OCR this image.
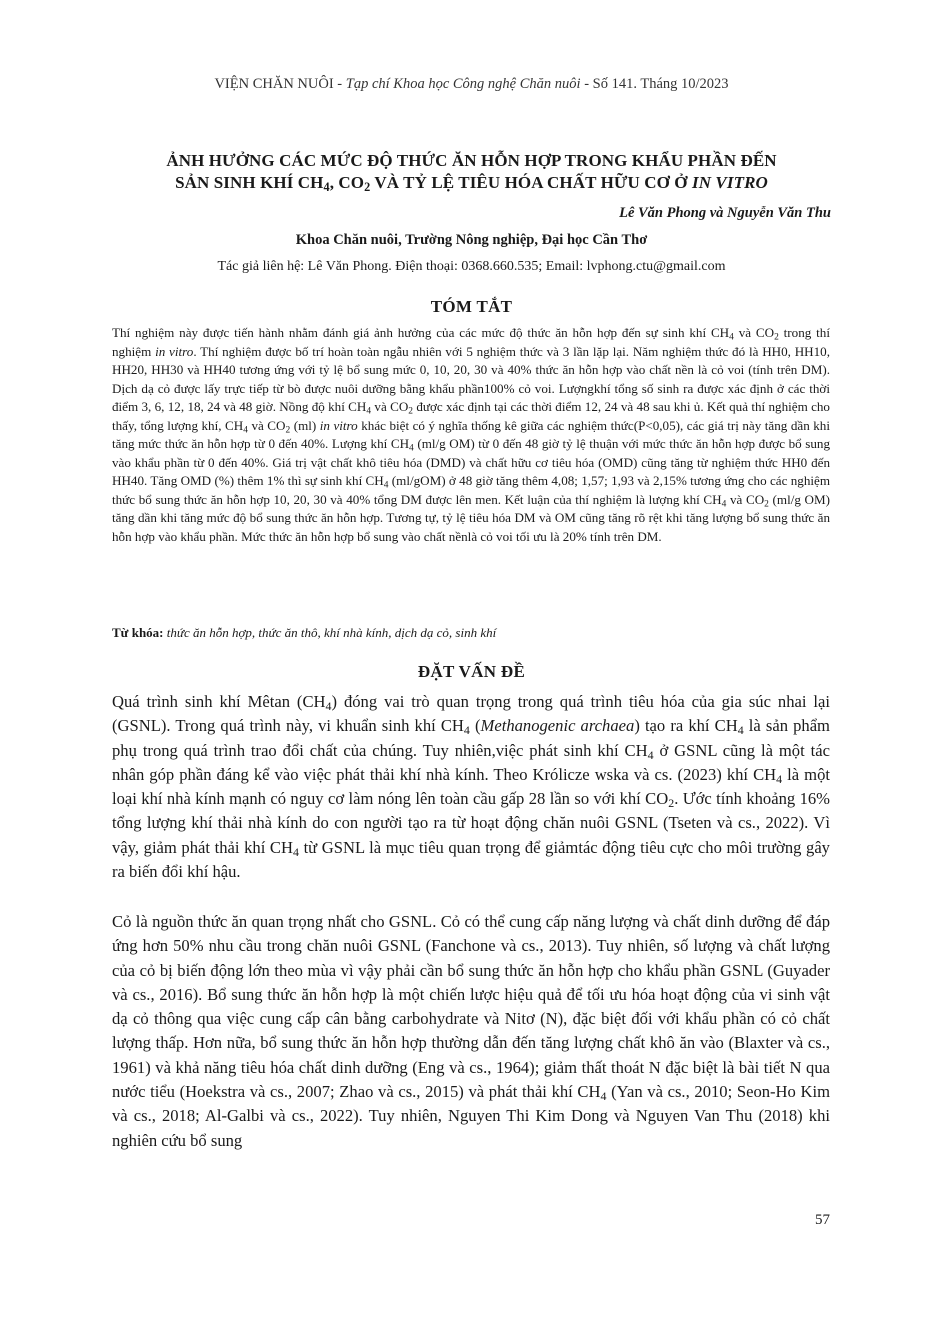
VIỆN CHĂN NUÔI - Tạp chí Khoa học Công nghệ Chăn nuôi - Số 141. Tháng 10/2023
ẢNH HƯỞNG CÁC MỨC ĐỘ THỨC ĂN HỖN HỢP TRONG KHẨU PHẦN ĐẾN
SẢN SINH KHÍ $CH_4$, $CO_2$ VÀ TỶ LỆ TIÊU HÓA CHẤT HỮU CƠ Ở IN VITRO
Lê Văn Phong và Nguyễn Văn Thu
Khoa Chăn nuôi, Trường Nông nghiệp, Đại học Cần Thơ
Tác giả liên hệ: Lê Văn Phong. Điện thoại: 0368.660.535; Email: lvphong.ctu@gmail.com
TÓM TẮT

Thí nghiệm này được tiến hành nhằm đánh giá ảnh hưởng của các mức độ thức ăn hỗn hợp đến sự sinh khí $CH_4$ và $CO_2$ trong thí nghiệm in vitro. Thí nghiệm được bố trí hoàn toàn ngẫu nhiên với 5 nghiệm thức và 3 lần lặp lại. Năm nghiệm thức đó là HH0, HH10, HH20, HH30 và HH40 tương ứng với tỷ lệ bổ sung mức 0, 10, 20, 30 và 40% thức ăn hỗn hợp vào chất nền là cỏ voi (tính trên DM). Dịch dạ cỏ được lấy trực tiếp từ bò được nuôi dưỡng bằng khẩu phần100% cỏ voi. Lượngkhí tổng số sinh ra được xác định ở các thời điểm 3, 6, 12, 18, 24 và 48 giờ. Nồng độ khí $CH_4$ và $CO_2$ được xác định tại các thời điểm 12, 24 và 48 sau khi ủ. Kết quả thí nghiệm cho thấy, tổng lượng khí, $CH_4$ và $CO_2$ (ml) in vitro khác biệt có ý nghĩa thống kê giữa các nghiệm thức(P<0,05), các giá trị này tăng dần khi tăng mức thức ăn hỗn hợp từ 0 đến 40%. Lượng khí $CH_4$ (ml/g OM) từ 0 đến 48 giờ tỷ lệ thuận với mức thức ăn hỗn hợp được bổ sung vào khẩu phần từ 0 đến 40%. Giá trị vật chất khô tiêu hóa (DMD) và chất hữu cơ tiêu hóa (OMD) cũng tăng từ nghiệm thức HH0 đến HH40. Tăng OMD (%) thêm 1% thì sự sinh khí $CH_4$ (ml/gOM) ở 48 giờ tăng thêm 4,08; 1,57; 1,93 và 2,15% tương ứng cho các nghiệm thức bổ sung thức ăn hỗn hợp 10, 20, 30 và 40% tổng DM được lên men. Kết luận của thí nghiệm là lượng khí $CH_4$ và $CO_2$ (ml/g OM) tăng dần khi tăng mức độ bổ sung thức ăn hỗn hợp. Tương tự, tỷ lệ tiêu hóa DM và OM cũng tăng rõ rệt khi tăng lượng bổ sung thức ăn hỗn hợp vào khẩu phần. Mức thức ăn hỗn hợp bổ sung vào chất nềnlà cỏ voi tối ưu là 20% tính trên DM.

Từ khóa: thức ăn hỗn hợp, thức ăn thô, khí nhà kính, dịch dạ cỏ, sinh khí
ĐẶT VẤN ĐỀ

Quá trình sinh khí Mêtan $(CH_4)$ đóng vai trò quan trọng trong quá trình tiêu hóa của gia súc nhai lại (GSNL). Trong quá trình này, vi khuẩn sinh khí $CH_4$ (Methanogenic archaea) tạo ra khí $CH_4$ là sản phẩm phụ trong quá trình trao đổi chất của chúng. Tuy nhiên,việc phát sinh khí $CH_4$ ở GSNL cũng là một tác nhân góp phần đáng kể vào việc phát thải khí nhà kính. Theo Królicze wska và cs. (2023) khí $CH_4$ là một loại khí nhà kính mạnh có nguy cơ làm nóng lên toàn cầu gấp 28 lần so với khí $CO_2$. Ước tính khoảng 16% tổng lượng khí thải nhà kính do con người tạo ra từ hoạt động chăn nuôi GSNL (Tseten và cs., 2022). Vì vậy, giảm phát thải khí $CH_4$ từ GSNL là mục tiêu quan trọng để giảmtác động tiêu cực cho môi trường gây ra biến đổi khí hậu.

Cỏ là nguồn thức ăn quan trọng nhất cho GSNL. Cỏ có thể cung cấp năng lượng và chất dinh dưỡng để đáp ứng hơn 50% nhu cầu trong chăn nuôi GSNL (Fanchone và cs., 2013). Tuy nhiên, số lượng và chất lượng của cỏ bị biến động lớn theo mùa vì vậy phải cần bổ sung thức ăn hỗn hợp cho khẩu phần GSNL (Guyader và cs., 2016). Bổ sung thức ăn hỗn hợp là một chiến lược hiệu quả để tối ưu hóa hoạt động của vi sinh vật dạ cỏ thông qua việc cung cấp cân bằng carbohydrate và Nitơ (N), đặc biệt đối với khẩu phần có cỏ chất lượng thấp. Hơn nữa, bổ sung thức ăn hỗn hợp thường dẫn đến tăng lượng chất khô ăn vào (Blaxter và cs., 1961) và khả năng tiêu hóa chất dinh dưỡng (Eng và cs., 1964); giảm thất thoát N đặc biệt là bài tiết N qua nước tiểu (Hoekstra và cs., 2007; Zhao và cs., 2015) và phát thải khí $CH_4$ (Yan và cs., 2010; Seon-Ho Kim và cs., 2018; Al-Galbi và cs., 2022). Tuy nhiên, Nguyen Thi Kim Dong và Nguyen Van Thu (2018) khi nghiên cứu bổ sung

57
